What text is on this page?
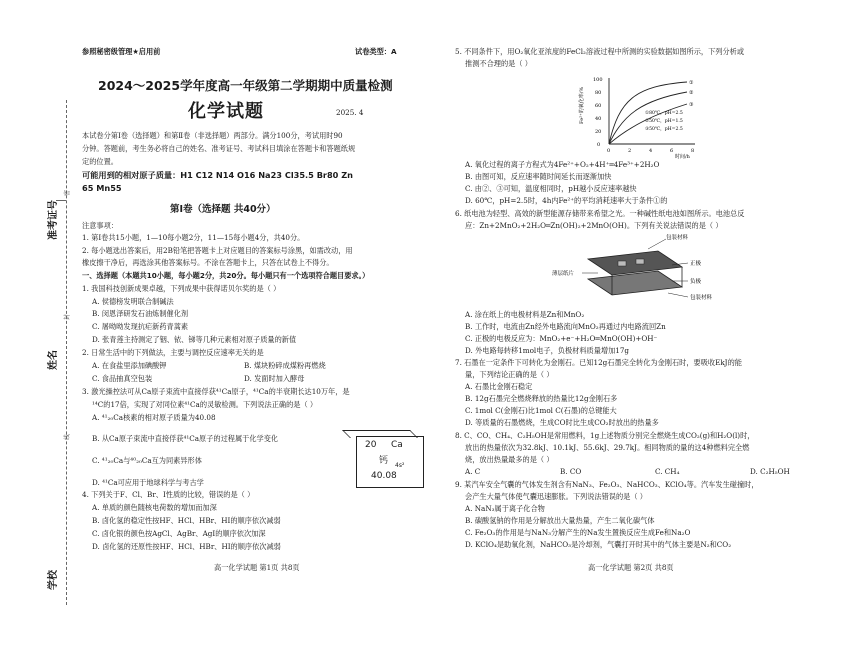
准考证号
姓名
学校
密
封
线
参照秘密级管理★启用前	试卷类型：A
2024～2025学年度高一年级第二学期期中质量检测
化学试题	2025. 4
本试卷分第Ⅰ卷（选择题）和第Ⅱ卷（非选择题）两部分。满分100分，考试用时90
分钟。答题前，考生务必将自己的姓名、准考证号、考试科目填涂在答题卡和答题纸规
定的位置。
可能用到的相对原子质量：H1 C12 N14 O16 Na23 Cl35.5 Br80 Zn
65 Mn55
第Ⅰ卷（选择题 共40分）
注意事项：
1. 第Ⅰ卷共15小题，1—10每小题2分，11—15每小题4分，共40分。
2. 每小题选出答案后，用2B铅笔把答题卡上对应题目的答案标号涂黑，如需改动，用
橡皮擦干净后，再选涂其他答案标号。不涂在答题卡上，只答在试卷上不得分。
一、选择题（本题共10小题，每小题2分，共20分。每小题只有一个选项符合题目要求。）
1. 我国科技创新成果卓越，下列成果中获得诺贝尔奖的是（ ）
A. 侯德榜发明联合制碱法
B. 闵恩泽研发石油炼制催化剂
C. 屠呦呦发现抗疟新药青蒿素
D. 张青莲主持测定了铟、铱、锑等几种元素相对原子质量的新值
2. 日常生活中的下列做法，主要与调控反应速率无关的是
A. 在食盐里添加碘酸钾	B. 煤块粉碎成煤粉再燃烧
C. 食品抽真空包装	D. 发面时加入酵母
3. 激光操控法可从Ca原子束流中直接俘获⁴¹Ca原子，⁴¹Ca的半衰期长达10万年，是
¹⁴C的17倍，实现了对同位素⁴¹Ca的灵敏检测。下列说法正确的是（ ）
A. ⁴¹₂₀Ca核素的相对原子质量为40.08
B. 从Ca原子束流中直接俘获⁴¹Ca原子的过程属于化学变化
C. ⁴¹₂₀Ca与⁴⁰₂₀Ca互为同素异形体
D. ⁴¹Ca可应用于地球科学与考古学
20 Ca
钙 4s²
40.08
4. 下列关于F、Cl、Br、I性质的比较，错误的是（ ）
A. 单质的颜色随核电荷数的增加而加深
B. 卤化氢的稳定性按HF、HCl、HBr、HI的顺序依次减弱
C. 卤化银的颜色按AgCl、AgBr、AgI的顺序依次加深
D. 卤化氢的还原性按HF、HCl、HBr、HI的顺序依次减弱
高一化学试题 第1页 共8页
5. 不同条件下，用O₂氧化亚浓度的FeCl₂溶液过程中所测的实验数据如图所示，下列分析或
推测不合理的是（ ）
0
20
40
60
80
100
0	2	4	6	8
时间/h
Fe²⁺的氧化率/%	①80℃，pH=2.5
②50℃，pH=1.5
③50℃，pH=2.5
①
②
③
A. 氧化过程的离子方程式为4Fe²⁺+O₂+4H⁺═4Fe³⁺+2H₂O
B. 由图可知，反应速率随时间延长而逐渐加快
C. 由②、③可知，温度相同时，pH越小反应速率越快
D. 60℃，pH=2.5时，4h内Fe²⁺的平均消耗速率大于条件①的
6. 纸电池为轻型、高效的新型能源存储带来希望之光。一种碱性纸电池如图所示。电池总反
应：Zn+2MnO₂+2H₂O═Zn(OH)₂+2MnO(OH)。下列有关说法错误的是（ ）
包装材料
薄层纸片
正极
负极
包装材料
A. 涂在纸上的电极材料是Zn和MnO₂
B. 工作时，电流由Zn经外电路流向MnO₂再通过内电路流回Zn
C. 正极的电极反应为：MnO₂+e⁻+H₂O═MnO(OH)+OH⁻
D. 外电路每转移1mol电子，负极材料质量增加17g
7. 石墨在一定条件下可转化为金刚石。已知12g石墨完全转化为金刚石时，要吸收EkJ的能
量，下列结论正确的是（ ）
A. 石墨比金刚石稳定
B. 12g石墨完全燃烧释放的热量比12g金刚石多
C. 1mol C(金刚石)比1mol C(石墨)的总键能大
D. 等质量的石墨燃烧，生成CO时比生成CO₂时放出的热量多
8. C、CO、CH₄、C₂H₅OH是常用燃料，1g上述物质分别完全燃烧生成CO₂(g)和H₂O(l)时，
放出的热量依次为32.8kJ、10.1kJ、55.6kJ、29.7kJ。相同物质的量的这4种燃料完全燃
烧，放出热量最多的是（ ）
A. C	B. CO	C. CH₄	D. C₂H₅OH
9. 某汽车安全气囊的气体发生剂含有NaN₃、Fe₂O₃、NaHCO₃、KClO₄等。汽车发生碰撞时，
会产生大量气体使气囊迅速膨胀。下列说法错误的是（ ）
A. NaN₃属于离子化合物
B. 碳酸氢钠的作用是分解放出大量热量，产生二氧化碳气体
C. Fe₂O₃的作用是与NaN₃分解产生的Na发生置换反应生成Fe和Na₂O
D. KClO₄是助氧化剂，NaHCO₃是冷却剂，气囊打开时其中的气体主要是N₂和CO₂
高一化学试题 第2页 共8页
